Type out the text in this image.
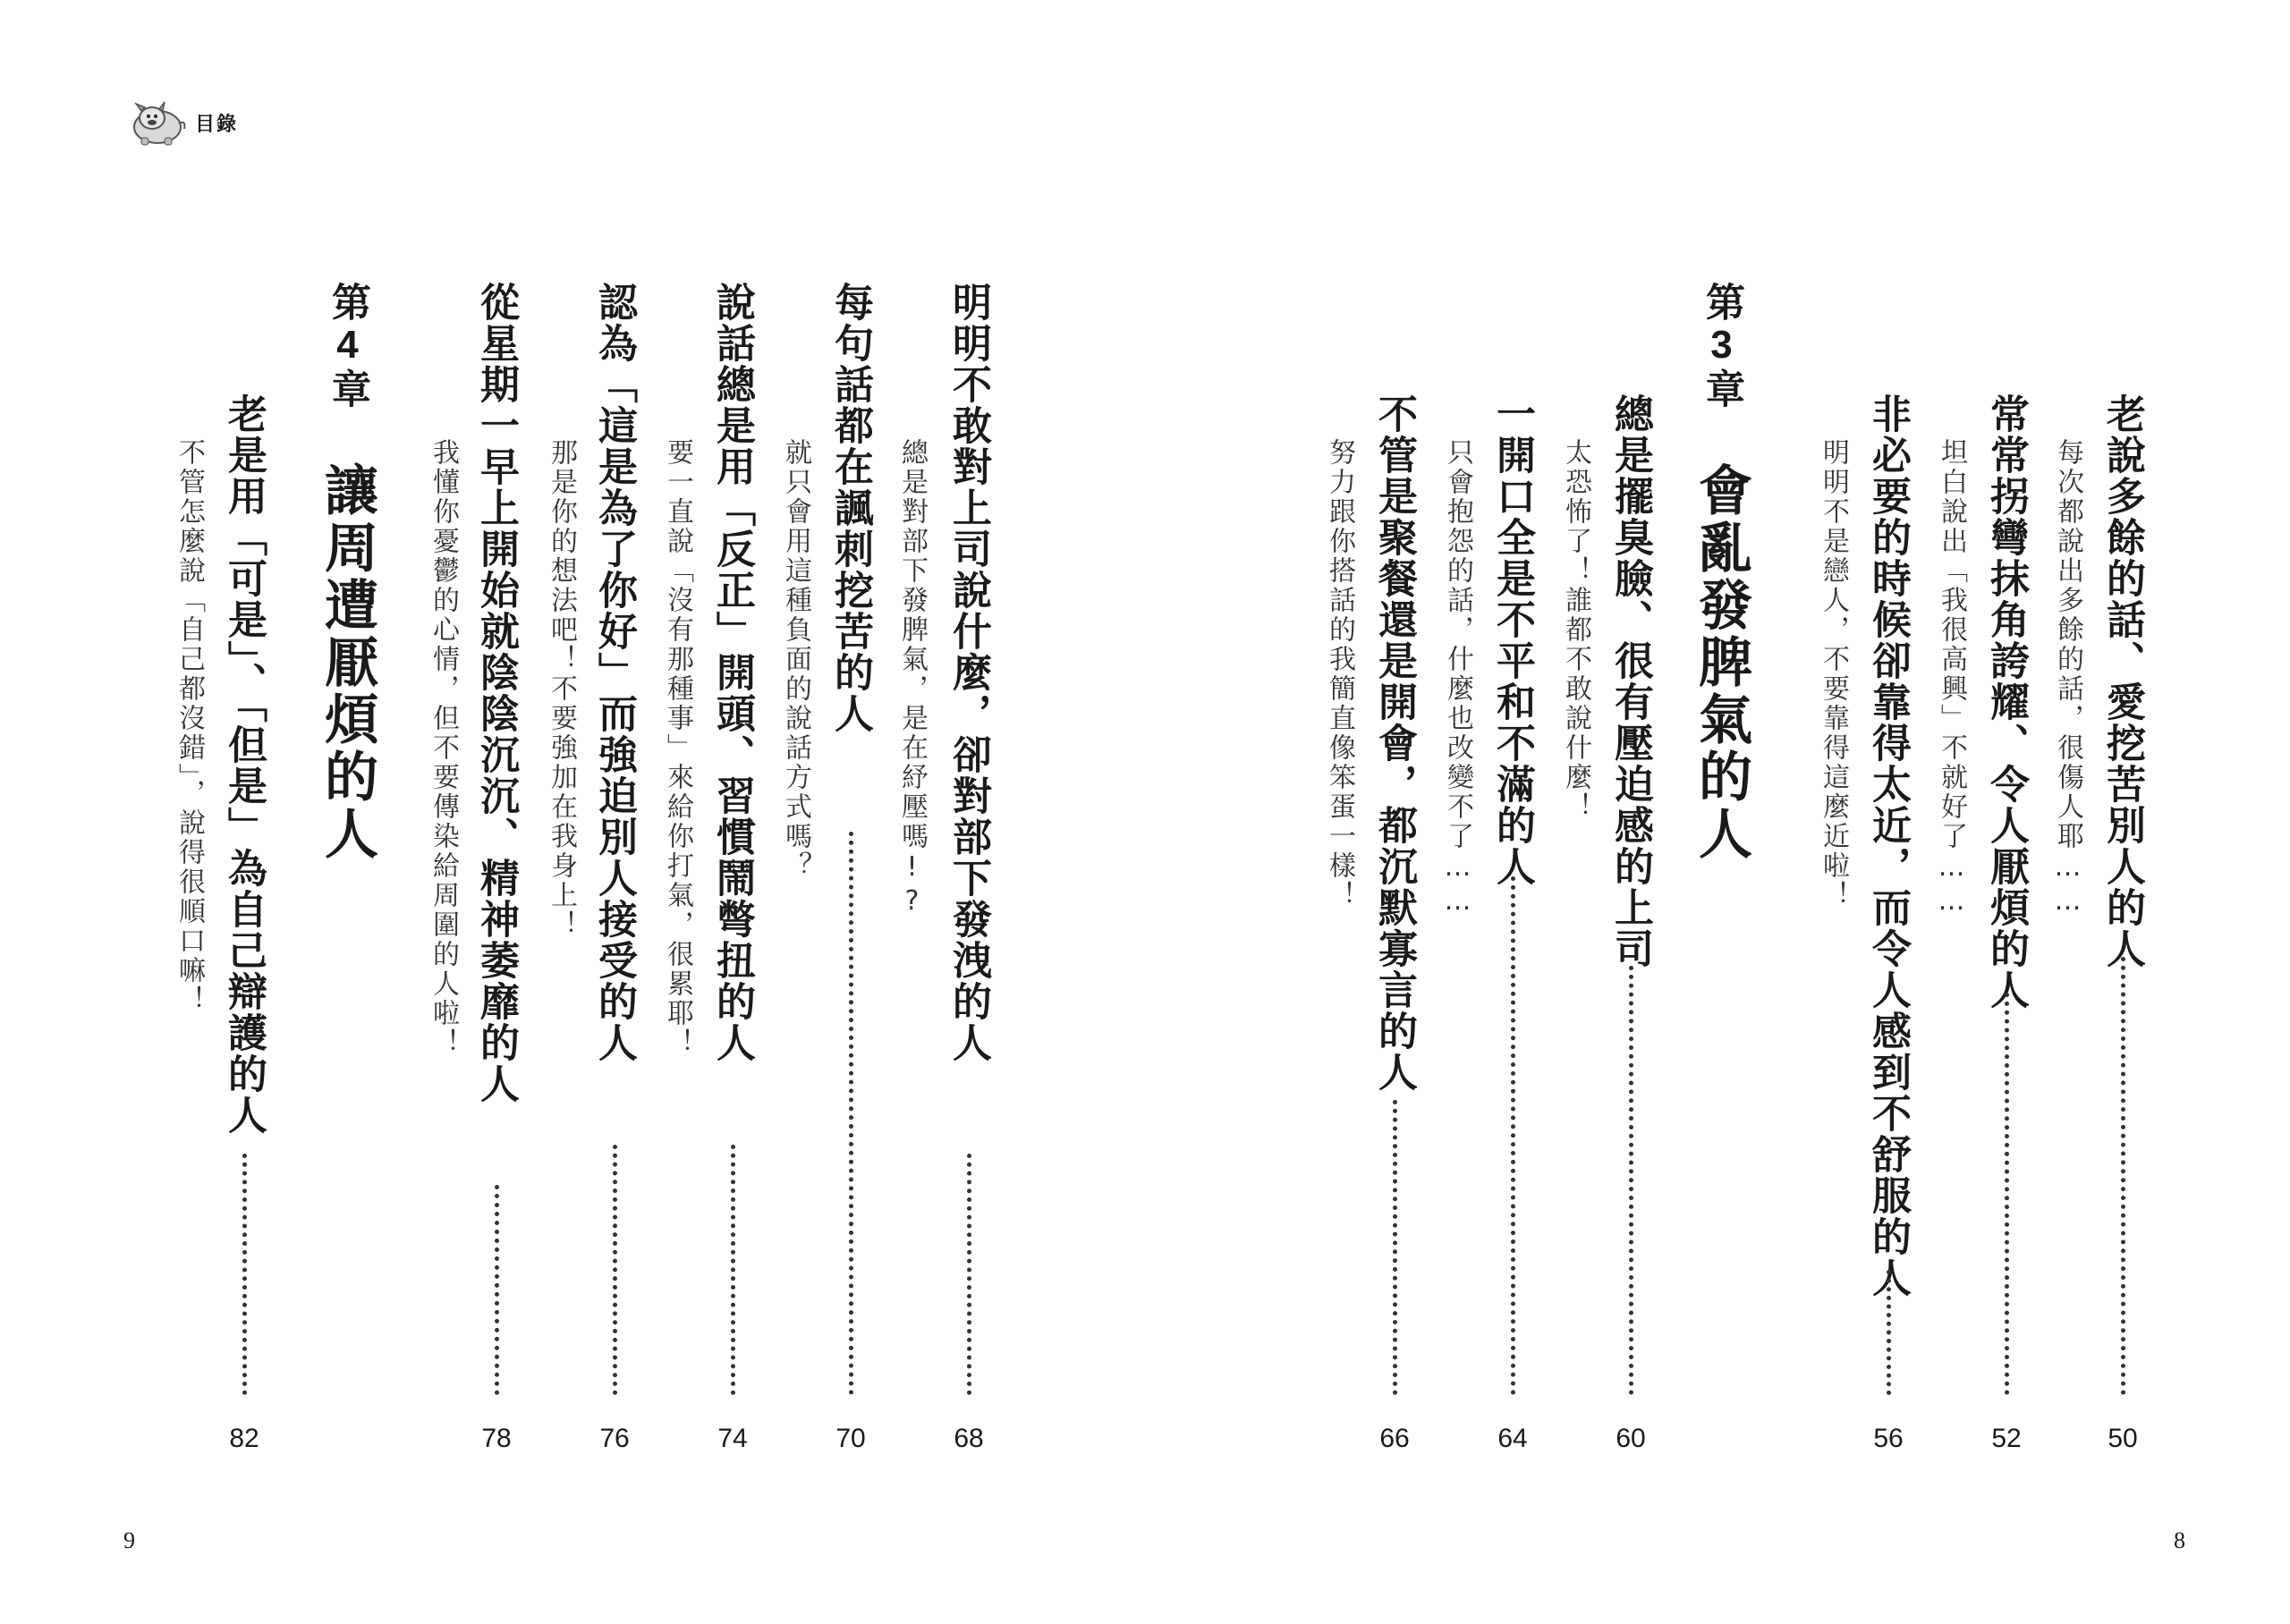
目錄
第4章 讓周遭厭煩的人	明明不敢對上司說什麼，卻對部下發洩的人
總是對部下發脾氣，是在紓壓嗎!?
68
每句話都在諷刺挖苦的人
就只會用這種負面的說話方式嗎？
70
說話總是用「反正」開頭、習慣鬧彆扭的人
要一直說「沒有那種事」來給你打氣，很累耶！
74
認為「這是為了你好」而強迫別人接受的人
那是你的想法吧！不要強加在我身上！
76
從星期一早上開始就陰陰沉沉、精神萎靡的人
我懂你憂鬱的心情，但不要傳染給周圍的人啦！
78
老是用「可是」、「但是」為自己辯護的人
不管怎麼說「自己都沒錯」，說得很順口嘛！
82
9
老說多餘的話、愛挖苦別人的人
每次都說出多餘的話，很傷人耶……
50
常常拐彎抹角誇耀、令人厭煩的人
坦白說出「我很高興」不就好了……
52
非必要的時候卻靠得太近，而令人感到不舒服的人
明明不是戀人，不要靠得這麼近啦！
56
第3章 會亂發脾氣的人
總是擺臭臉、很有壓迫感的上司
太恐怖了！誰都不敢說什麼！
60
一開口全是不平和不滿的人
只會抱怨的話，什麼也改變不了……
64
不管是聚餐還是開會，都沉默寡言的人
努力跟你搭話的我簡直像笨蛋一樣！
66
8
